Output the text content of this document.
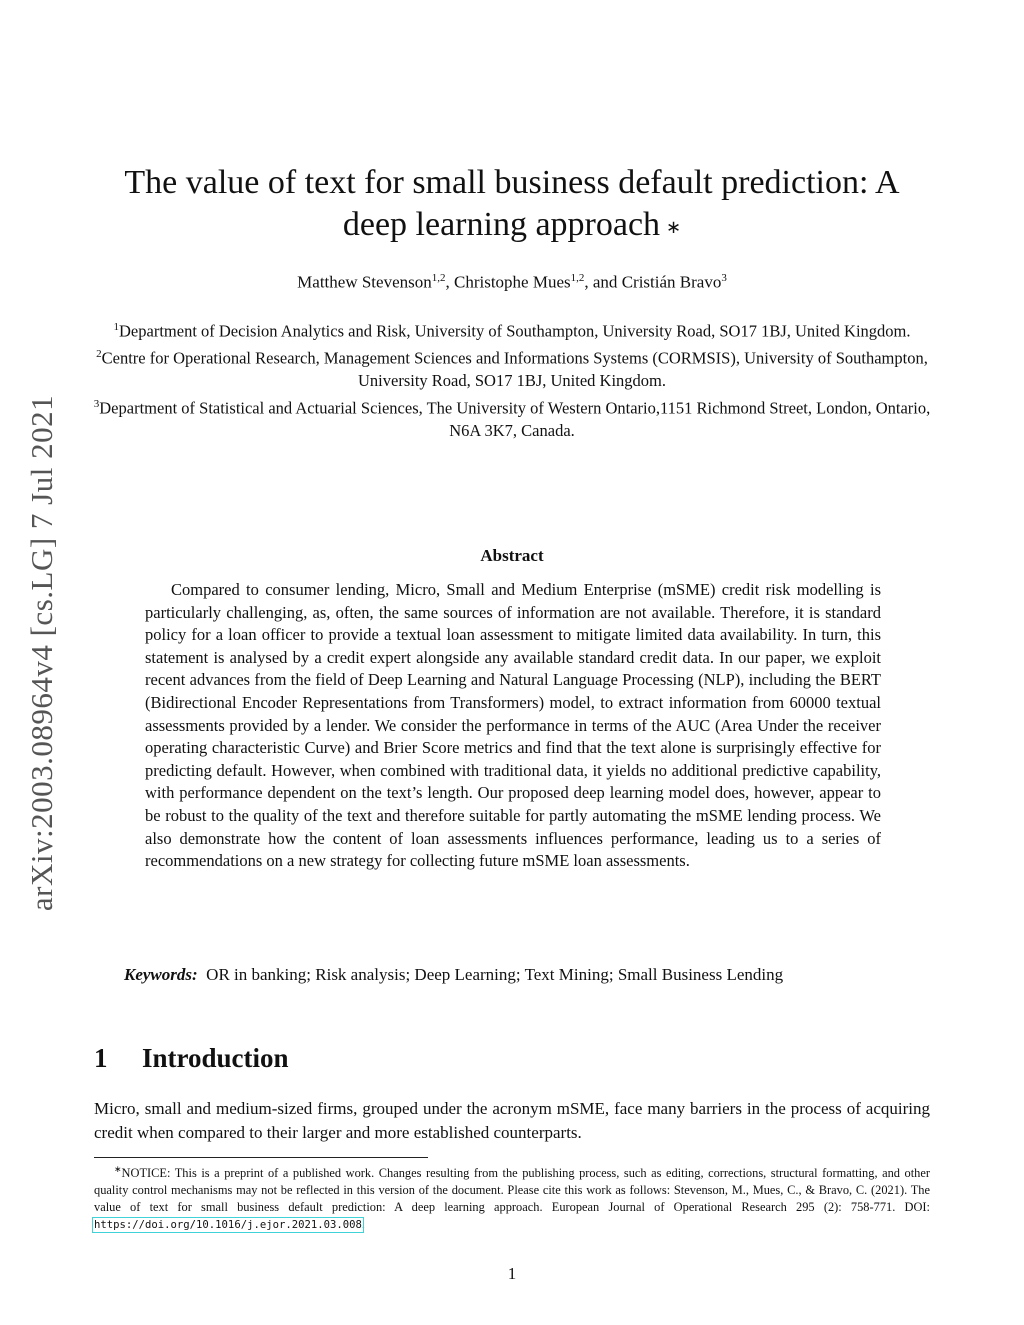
arXiv:2003.08964v4 [cs.LG] 7 Jul 2021
The value of text for small business default prediction: A
deep learning approach ∗
Matthew Stevenson$^{1,2}$, Christophe Mues$^{1,2}$, and Cristián Bravo$^3$

$^1$Department of Decision Analytics and Risk, University of Southampton, University Road, SO17 1BJ, United Kingdom.

$^2$Centre for Operational Research, Management Sciences and Informations Systems (CORMSIS), University of Southampton, University Road, SO17 1BJ, United Kingdom.

$^3$Department of Statistical and Actuarial Sciences, The University of Western Ontario,1151 Richmond Street, London, Ontario, N6A 3K7, Canada.

Abstract

Compared to consumer lending, Micro, Small and Medium Enterprise (mSME) credit risk modelling is particularly challenging, as, often, the same sources of information are not available. Therefore, it is standard policy for a loan officer to provide a textual loan assessment to mitigate limited data availability. In turn, this statement is analysed by a credit expert alongside any available standard credit data. In our paper, we exploit recent advances from the field of Deep Learning and Natural Language Processing (NLP), including the BERT (Bidirectional Encoder Representations from Transformers) model, to extract information from 60000 textual assessments provided by a lender. We consider the performance in terms of the AUC (Area Under the receiver operating characteristic Curve) and Brier Score metrics and find that the text alone is surprisingly effective for predicting default. However, when combined with traditional data, it yields no additional predictive capability, with performance dependent on the text’s length. Our proposed deep learning model does, however, appear to be robust to the quality of the text and therefore suitable for partly automating the mSME lending process. We also demonstrate how the content of loan assessments influences performance, leading us to a series of recommendations on a new strategy for collecting future mSME loan assessments.

Keywords: OR in banking; Risk analysis; Deep Learning; Text Mining; Small Business Lending

1 Introduction

Micro, small and medium-sized firms, grouped under the acronym mSME, face many barriers in the process of acquiring credit when compared to their larger and more established counterparts.

∗NOTICE: This is a preprint of a published work. Changes resulting from the publishing process, such as editing, corrections, structural formatting, and other quality control mechanisms may not be reflected in this version of the document. Please cite this work as follows: Stevenson, M., Mues, C., & Bravo, C. (2021). The value of text for small business default prediction: A deep learning approach. European Journal of Operational Research 295 (2): 758-771. DOI: https://doi.org/10.1016/j.ejor.2021.03.008.

1
